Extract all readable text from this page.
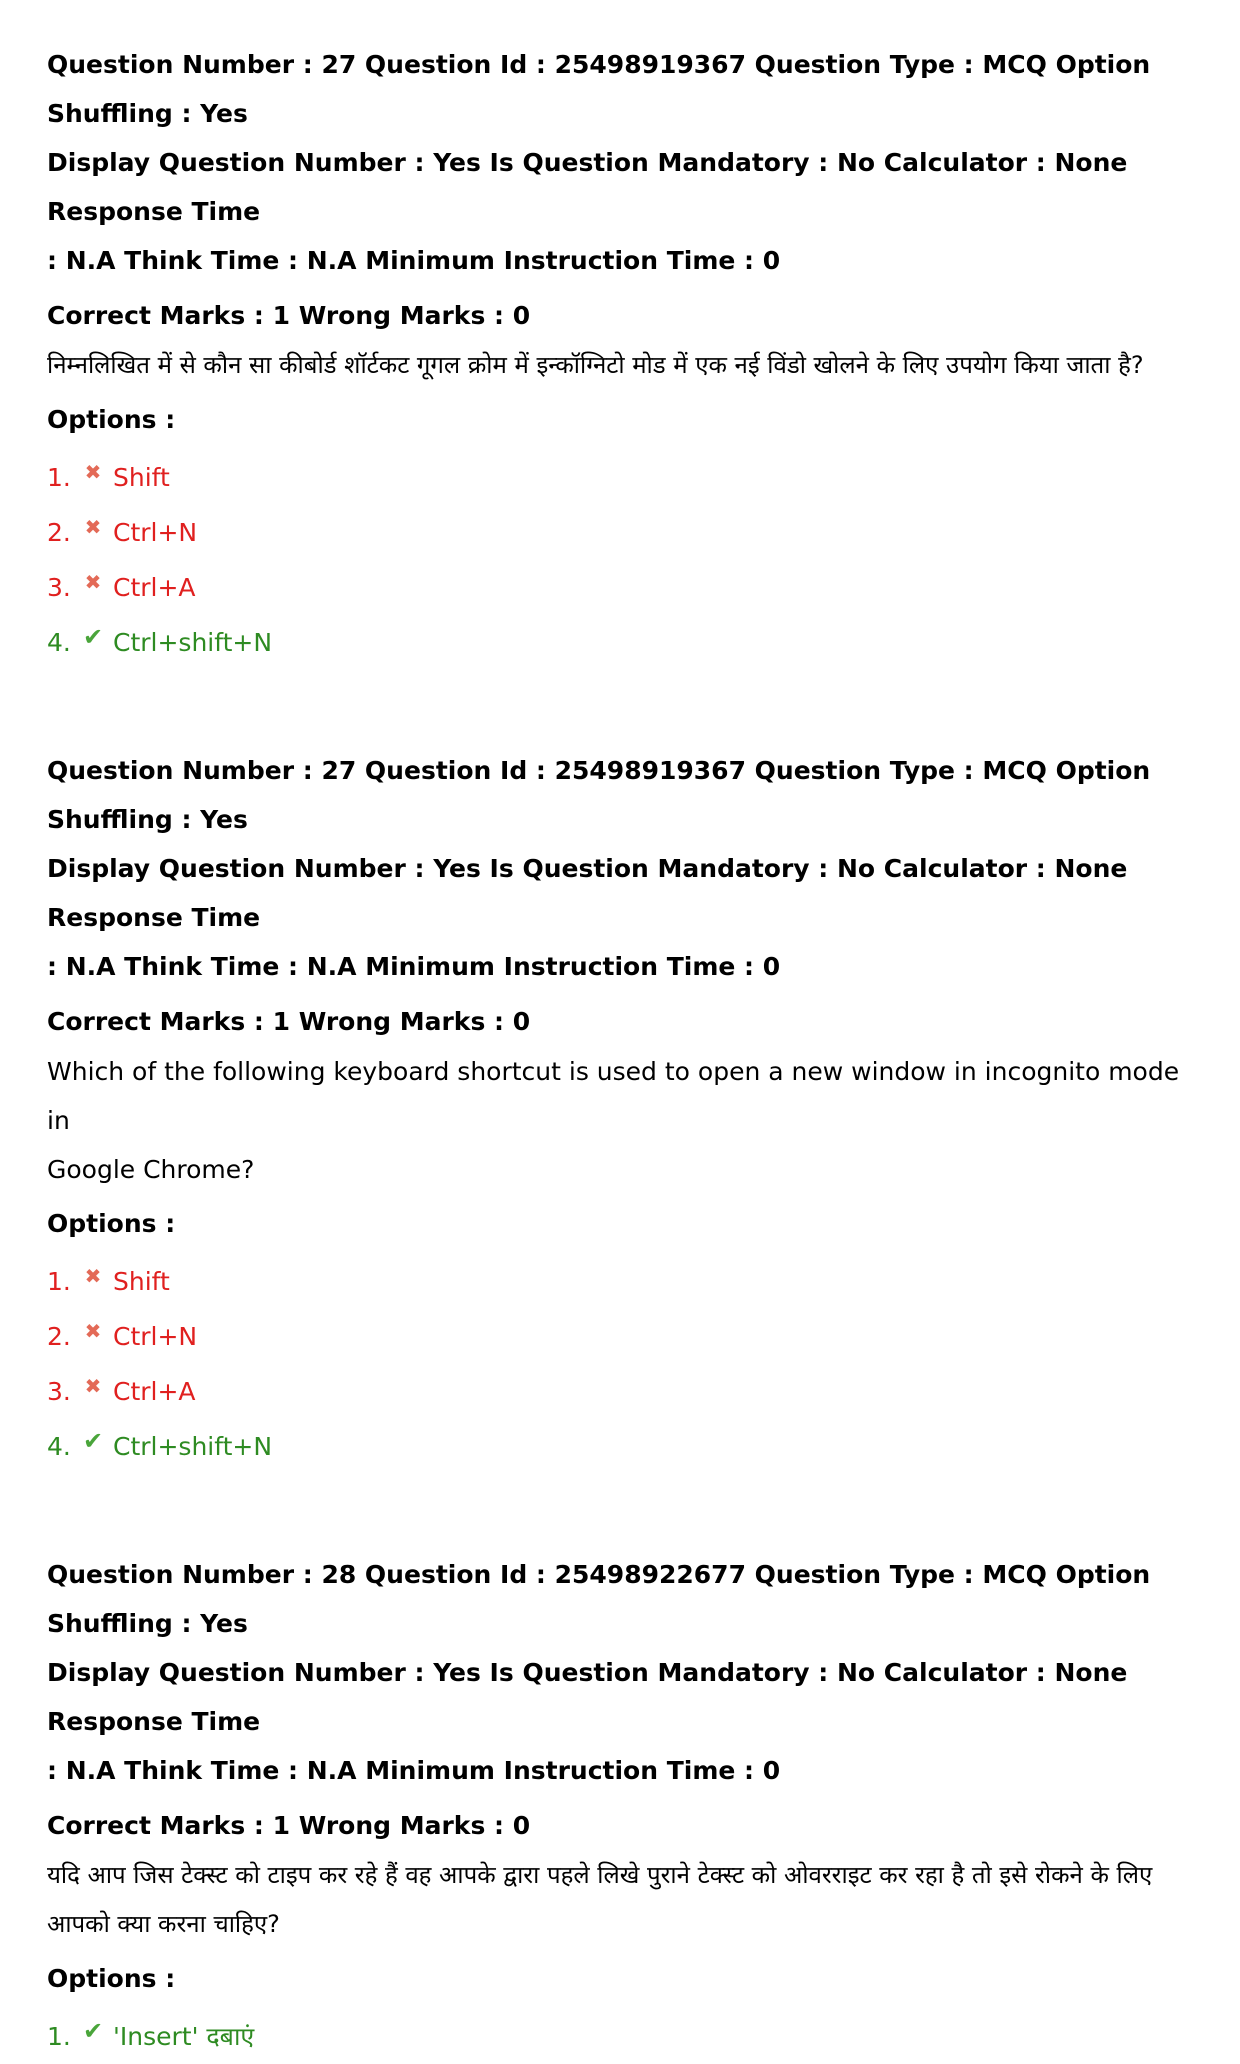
Question Number : 27 Question Id : 25498919367 Question Type : MCQ Option Shuffling : Yes
Display Question Number : Yes Is Question Mandatory : No Calculator : None Response Time
: N.A Think Time : N.A Minimum Instruction Time : 0
Correct Marks : 1 Wrong Marks : 0
निम्नलिखित में से कौन सा कीबोर्ड शॉर्टकट गूगल क्रोम में इन्कॉग्निटो मोड में एक नई विंडो खोलने के लिए उपयोग किया जाता है?
Options :
1. ✖ Shift
2. ✖ Ctrl+N
3. ✖ Ctrl+A
4. ✔ Ctrl+shift+N
Question Number : 27 Question Id : 25498919367 Question Type : MCQ Option Shuffling : Yes
Display Question Number : Yes Is Question Mandatory : No Calculator : None Response Time
: N.A Think Time : N.A Minimum Instruction Time : 0
Correct Marks : 1 Wrong Marks : 0
Which of the following keyboard shortcut is used to open a new window in incognito mode in
Google Chrome?
Options :
1. ✖ Shift
2. ✖ Ctrl+N
3. ✖ Ctrl+A
4. ✔ Ctrl+shift+N
Question Number : 28 Question Id : 25498922677 Question Type : MCQ Option Shuffling : Yes
Display Question Number : Yes Is Question Mandatory : No Calculator : None Response Time
: N.A Think Time : N.A Minimum Instruction Time : 0
Correct Marks : 1 Wrong Marks : 0
यदि आप जिस टेक्स्ट को टाइप कर रहे हैं वह आपके द्वारा पहले लिखे पुराने टेक्स्ट को ओवरराइट कर रहा है तो इसे रोकने के लिए
आपको क्या करना चाहिए?
Options :
1. ✔ 'Insert' दबाएं
